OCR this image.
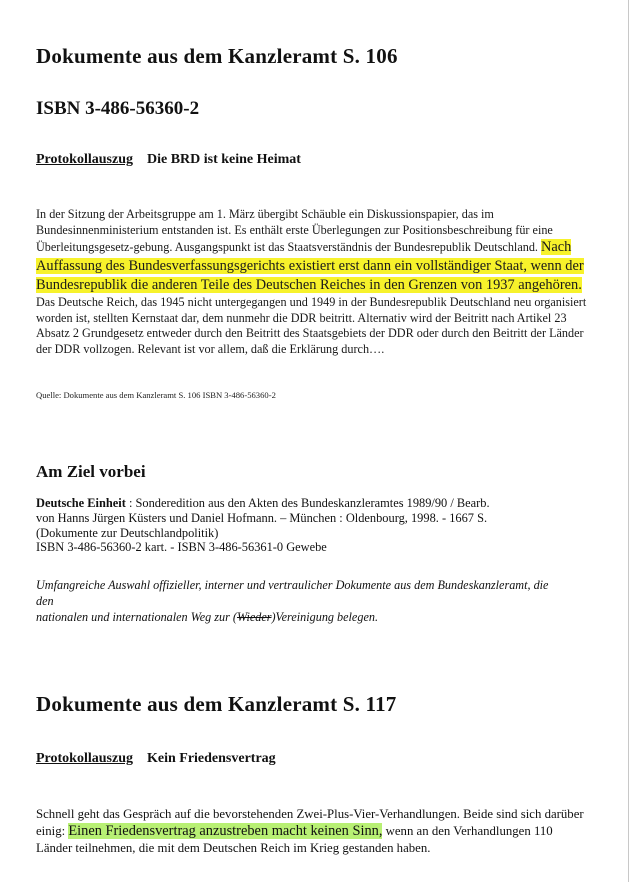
Dokumente aus dem Kanzleramt S. 106
ISBN 3-486-56360-2
Protokollauszug Die BRD ist keine Heimat
In der Sitzung der Arbeitsgruppe am 1. März übergibt Schäuble ein Diskussionspapier, das im Bundesinnenministerium entstanden ist. Es enthält erste Überlegungen zur Positionsbeschreibung für eine Überleitungsgesetz-gebung. Ausgangspunkt ist das Staatsverständnis der Bundesrepublik Deutschland. Nach Auffassung des Bundesverfassungsgerichts existiert erst dann ein vollständiger Staat, wenn der Bundesrepublik die anderen Teile des Deutschen Reiches in den Grenzen von 1937 angehören. Das Deutsche Reich, das 1945 nicht untergegangen und 1949 in der Bundesrepublik Deutschland neu organisiert worden ist, stellten Kernstaat dar, dem nunmehr die DDR beitritt. Alternativ wird der Beitritt nach Artikel 23 Absatz 2 Grundgesetz entweder durch den Beitritt des Staatsgebiets der DDR oder durch den Beitritt der Länder der DDR vollzogen. Relevant ist vor allem, daß die Erklärung durch….
Quelle: Dokumente aus dem Kanzleramt S. 106 ISBN 3-486-56360-2
Am Ziel vorbei
Deutsche Einheit : Sonderedition aus den Akten des Bundeskanzleramtes 1989/90 / Bearb.
von Hanns Jürgen Küsters und Daniel Hofmann. – München : Oldenbourg, 1998. - 1667 S.
(Dokumente zur Deutschlandpolitik)
ISBN 3-486-56360-2 kart. - ISBN 3-486-56361-0 Gewebe
Umfangreiche Auswahl offizieller, interner und vertraulicher Dokumente aus dem Bundeskanzleramt, die
den
nationalen und internationalen Weg zur (Wieder)Vereinigung belegen.
Dokumente aus dem Kanzleramt S. 117
Protokollauszug Kein Friedensvertrag
Schnell geht das Gespräch auf die bevorstehenden Zwei-Plus-Vier-Verhandlungen. Beide sind sich darüber
einig: Einen Friedensvertrag anzustreben macht keinen Sinn, wenn an den Verhandlungen 110
Länder teilnehmen, die mit dem Deutschen Reich im Krieg gestanden haben.
